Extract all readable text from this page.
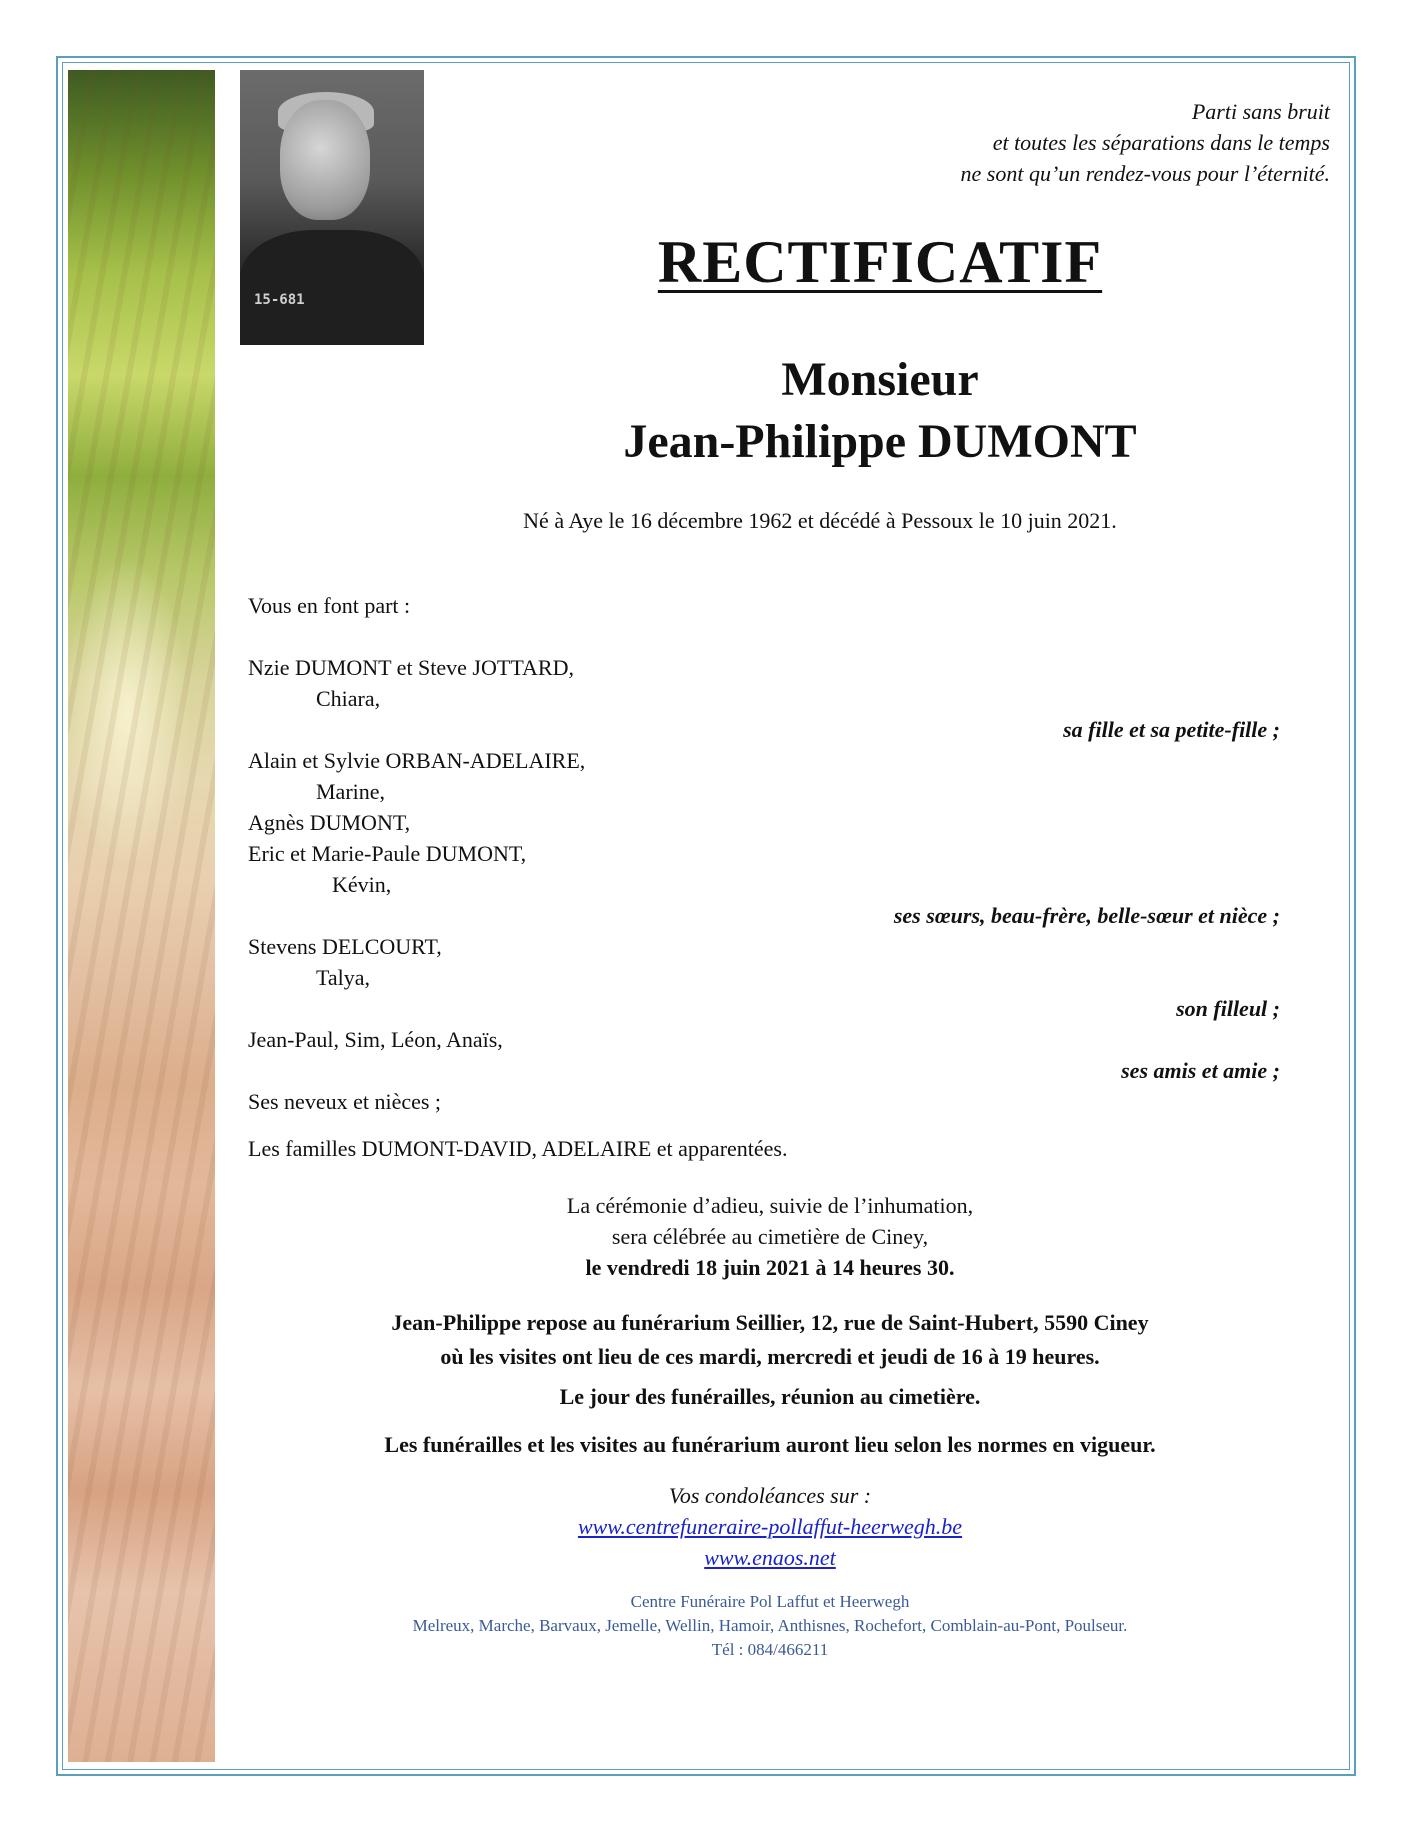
15-681
Parti sans bruit
et toutes les séparations dans le temps
ne sont qu’un rendez-vous pour l’éternité.
RECTIFICATIF
Monsieur
Jean-Philippe DUMONT
Né à Aye le 16 décembre 1962 et décédé à Pessoux le 10 juin 2021.
Vous en font part :
Nzie DUMONT et Steve JOTTARD,
Chiara,
sa fille et sa petite-fille ;
Alain et Sylvie ORBAN-ADELAIRE,
Marine,
Agnès DUMONT,
Eric et Marie-Paule DUMONT,
Kévin,
ses sœurs, beau-frère, belle-sœur et nièce ;
Stevens DELCOURT,
Talya,
son filleul ;
Jean-Paul, Sim, Léon, Anaïs,
ses amis et amie ;
Ses neveux et nièces ;
Les familles DUMONT-DAVID, ADELAIRE et apparentées.
La cérémonie d’adieu, suivie de l’inhumation,
sera célébrée au cimetière de Ciney,
le vendredi 18 juin 2021 à 14 heures 30.
Jean-Philippe repose au funérarium Seillier, 12, rue de Saint-Hubert, 5590 Ciney
où les visites ont lieu de ces mardi, mercredi et jeudi de 16 à 19 heures.
Le jour des funérailles, réunion au cimetière.
Les funérailles et les visites au funérarium auront lieu selon les normes en vigueur.
Vos condoléances sur :
www.centrefuneraire-pollaffut-heerwegh.be
www.enaos.net
Centre Funéraire Pol Laffut et Heerwegh
Melreux, Marche, Barvaux, Jemelle, Wellin, Hamoir, Anthisnes, Rochefort, Comblain-au-Pont, Poulseur.
Tél : 084/466211
